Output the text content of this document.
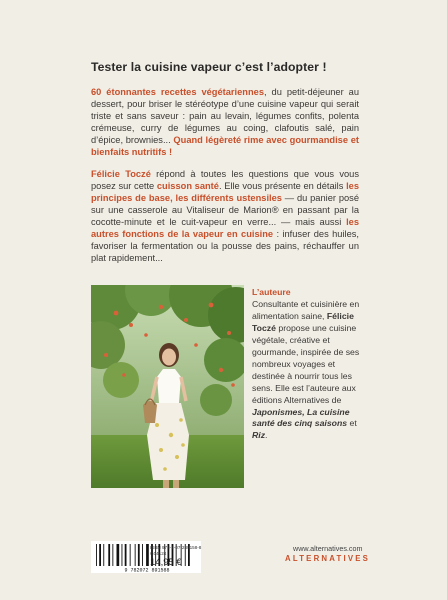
Tester la cuisine vapeur c’est l’adopter !
60 étonnantes recettes végétariennes, du petit-déjeuner au dessert, pour briser le stéréotype d’une cuisine vapeur qui serait triste et sans saveur : pain au levain, légumes confits, polenta crémeuse, curry de légumes au coing, clafoutis salé, pain d’épice, brownies... Quand légèreté rime avec gourmandise et bienfaits nutritifs !
Félicie Toczé répond à toutes les questions que vous vous posez sur cette cuisson santé. Elle vous présente en détails les principes de base, les différents ustensiles — du panier posé sur une casserole au Vitaliseur de Marion® en passant par la cocotte-minute et le cuit-vapeur en verre... — mais aussi les autres fonctions de la vapeur en cuisine : infuser des huiles, favoriser la fermentation ou la pousse des pains, réchauffer un plat rapidement...
L’auteure
Consultante et cuisinière en alimentation saine, Félicie Toczé propose une cuisine végétale, créative et gourmande, inspirée de ses nombreux voyages et destinée à nourrir tous les sens. Elle est l’auteure aux éditions Alternatives de Japonismes, La cuisine santé des cinq saisons et Riz.
9 782072 891588
ISBN 978-2-07-289158-8
G04124
14,95 €
www.alternatives.com
ALTERNATIVES
